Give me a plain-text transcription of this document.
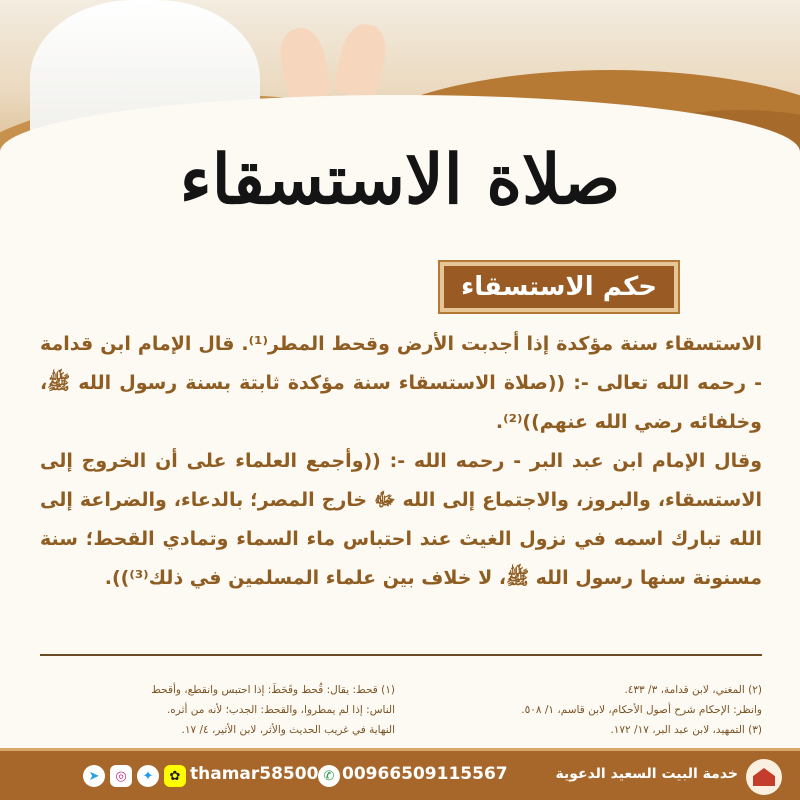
صلاة الاستسقاء
حكم الاستسقاء

الاستسقاء سنة مؤكدة إذا أجدبت الأرض وقحط المطر⁽¹⁾. قال الإمام ابن قدامة - رحمه الله تعالى -: ((صلاة الاستسقاء سنة مؤكدة ثابتة بسنة رسول الله ﷺ، وخلفائه رضي الله عنهم))⁽²⁾.

وقال الإمام ابن عبد البر - رحمه الله -: ((وأجمع العلماء على أن الخروج إلى الاستسقاء، والبروز، والاجتماع إلى الله ﷻ خارج المصر؛ بالدعاء، والضراعة إلى الله تبارك اسمه في نزول الغيث عند احتباس ماء السماء وتمادي القحط؛ سنة مسنونة سنها رسول الله ﷺ، لا خلاف بين علماء المسلمين في ذلك⁽³⁾)).

(١) قحط: يقال: قُحط وقَحَطَ: إذا احتبس وانقطع، وأقحط
الناس: إذا لم يمطروا، والقحط: الجدب؛ لأنه من أثره.
النهاية في غريب الحديث والأثر، لابن الأثير، ٤/ ١٧.
(٢) المغني، لابن قدامة، ٣/ ٤٣٣.
وانظر: الإحكام شرح أصول الأحكام، لابن قاسم، ١/ ٥٠٨.
(٣) التمهيد، لابن عبد البر، ١٧/ ١٧٢.
خدمة البيت السعيد الدعوية
00966509115567
✆
thamar58500
✿
✦
◎
➤
